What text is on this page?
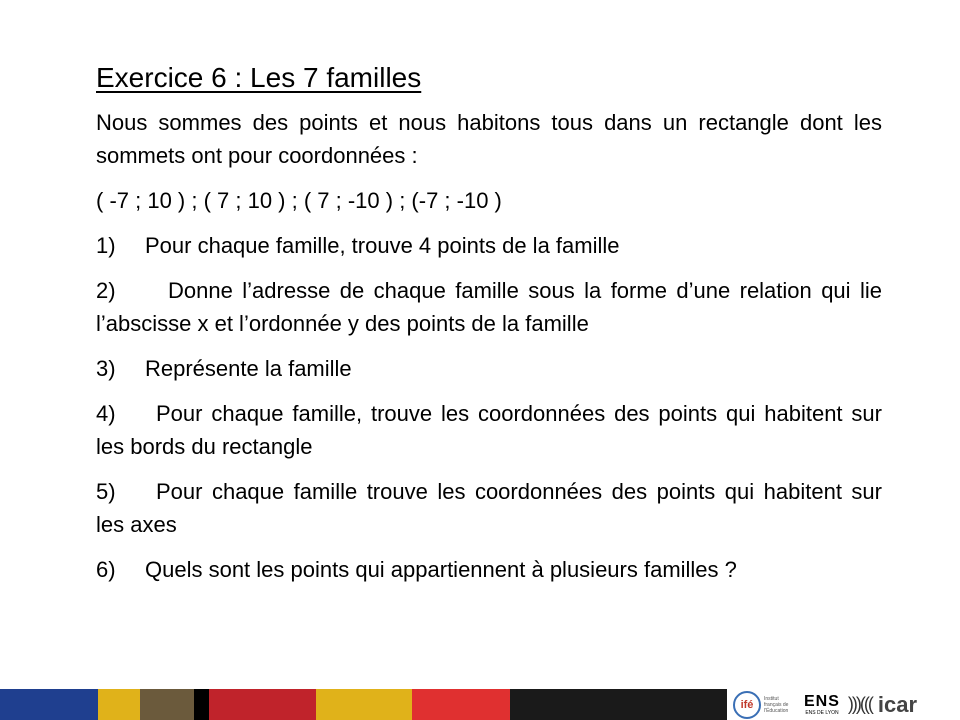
Exercice 6 : Les 7 familles

Nous sommes des points et nous habitons tous dans un rectangle dont les sommets ont pour coordonnées :

( -7 ; 10 ) ; ( 7 ; 10 ) ; ( 7 ; -10 ) ; (-7 ; -10 )

1) Pour chaque famille, trouve 4 points de la famille

2) Donne l’adresse de chaque famille sous la forme d’une relation qui lie l’abscisse x et l’ordonnée y des points de la famille

3) Représente la famille

4) Pour chaque famille, trouve les coordonnées des points qui habitent sur les bords du rectangle

5) Pour chaque famille trouve les coordonnées des points qui habitent sur les axes

6) Quels sont les points qui appartiennent à plusieurs familles ?

ifé	Institut français de l'Éducation
ENS
ENS DE LYON )))((( icar
